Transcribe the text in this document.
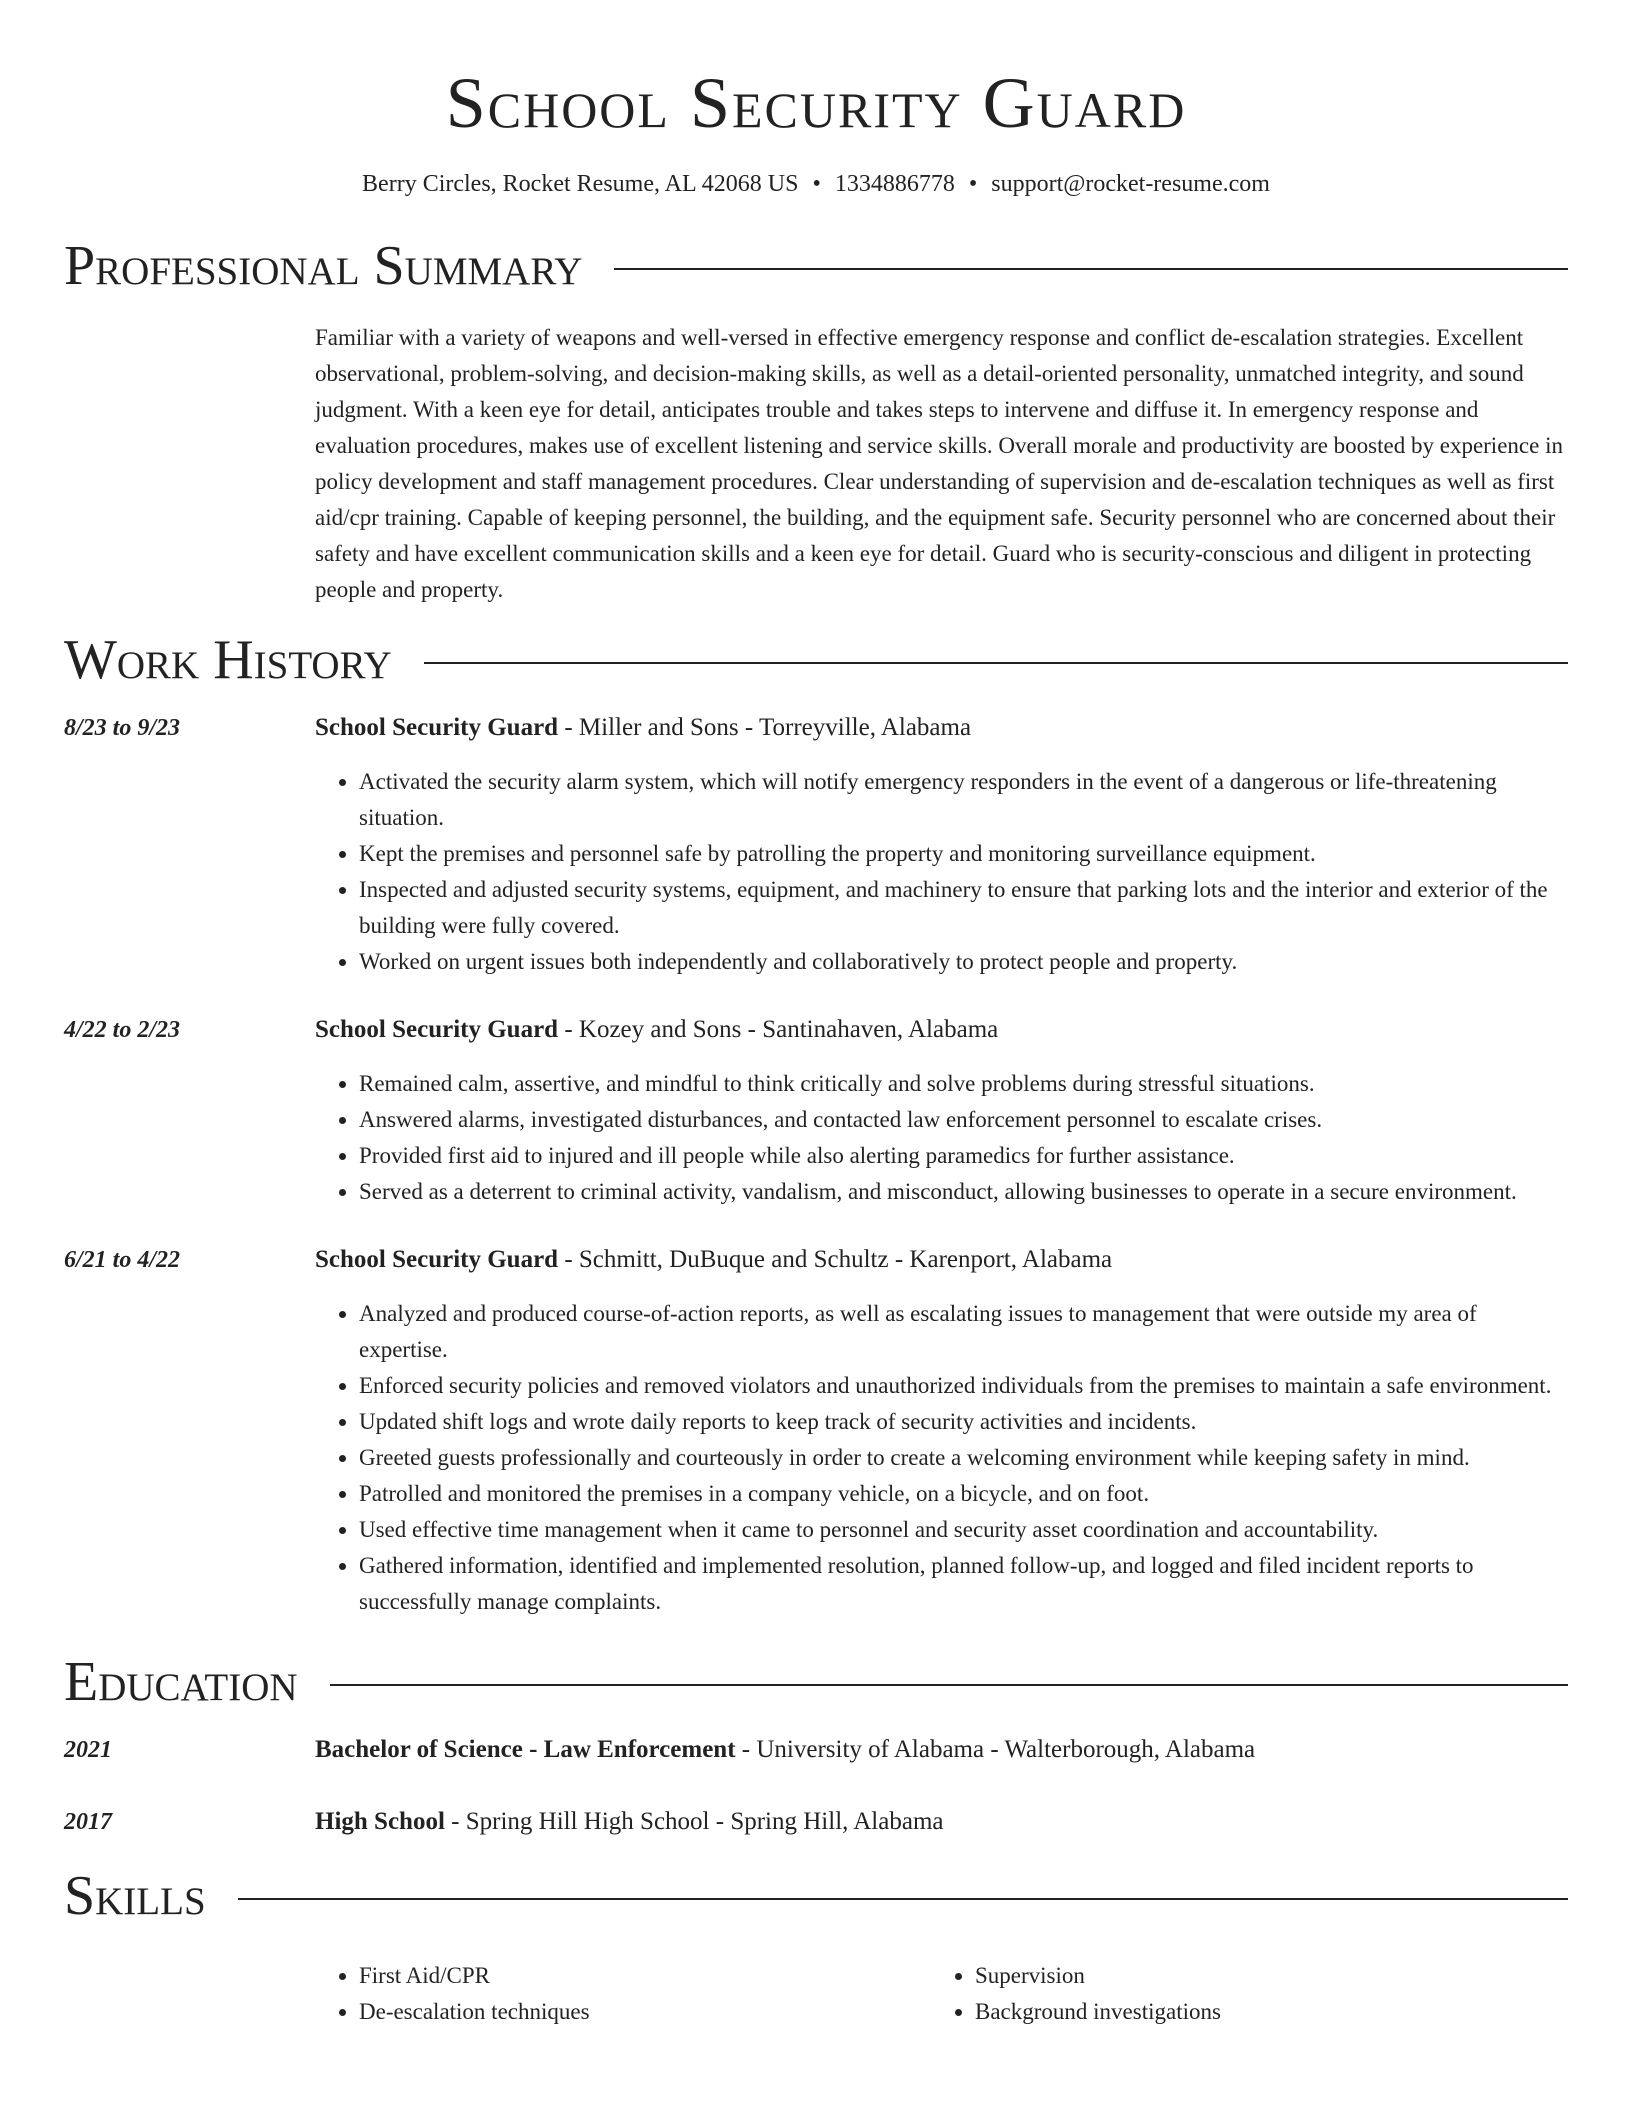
School Security Guard
Berry Circles, Rocket Resume, AL 42068 US • 1334886778 • support@rocket-resume.com
Professional Summary

Familiar with a variety of weapons and well-versed in effective emergency response and conflict de-escalation strategies. Excellent observational, problem-solving, and decision-making skills, as well as a detail-oriented personality, unmatched integrity, and sound judgment. With a keen eye for detail, anticipates trouble and takes steps to intervene and diffuse it. In emergency response and evaluation procedures, makes use of excellent listening and service skills. Overall morale and productivity are boosted by experience in policy development and staff management procedures. Clear understanding of supervision and de-escalation techniques as well as first aid/cpr training. Capable of keeping personnel, the building, and the equipment safe. Security personnel who are concerned about their safety and have excellent communication skills and a keen eye for detail. Guard who is security-conscious and diligent in protecting people and property.

Work History
8/23 to 9/23	School Security Guard - Miller and Sons - Torreyville, Alabama
• Activated the security alarm system, which will notify emergency responders in the event of a dangerous or life-threatening situation.
• Kept the premises and personnel safe by patrolling the property and monitoring surveillance equipment.
• Inspected and adjusted security systems, equipment, and machinery to ensure that parking lots and the interior and exterior of the building were fully covered.
• Worked on urgent issues both independently and collaboratively to protect people and property.
4/22 to 2/23	School Security Guard - Kozey and Sons - Santinahaven, Alabama
• Remained calm, assertive, and mindful to think critically and solve problems during stressful situations.
• Answered alarms, investigated disturbances, and contacted law enforcement personnel to escalate crises.
• Provided first aid to injured and ill people while also alerting paramedics for further assistance.
• Served as a deterrent to criminal activity, vandalism, and misconduct, allowing businesses to operate in a secure environment.
6/21 to 4/22	School Security Guard - Schmitt, DuBuque and Schultz - Karenport, Alabama
• Analyzed and produced course-of-action reports, as well as escalating issues to management that were outside my area of expertise.
• Enforced security policies and removed violators and unauthorized individuals from the premises to maintain a safe environment.
• Updated shift logs and wrote daily reports to keep track of security activities and incidents.
• Greeted guests professionally and courteously in order to create a welcoming environment while keeping safety in mind.
• Patrolled and monitored the premises in a company vehicle, on a bicycle, and on foot.
• Used effective time management when it came to personnel and security asset coordination and accountability.
• Gathered information, identified and implemented resolution, planned follow-up, and logged and filed incident reports to successfully manage complaints.
Education
2021	Bachelor of Science - Law Enforcement - University of Alabama - Walterborough, Alabama
2017	High School - Spring Hill High School - Spring Hill, Alabama
Skills
• First Aid/CPR
• De-escalation techniques
• Supervision
• Background investigations
